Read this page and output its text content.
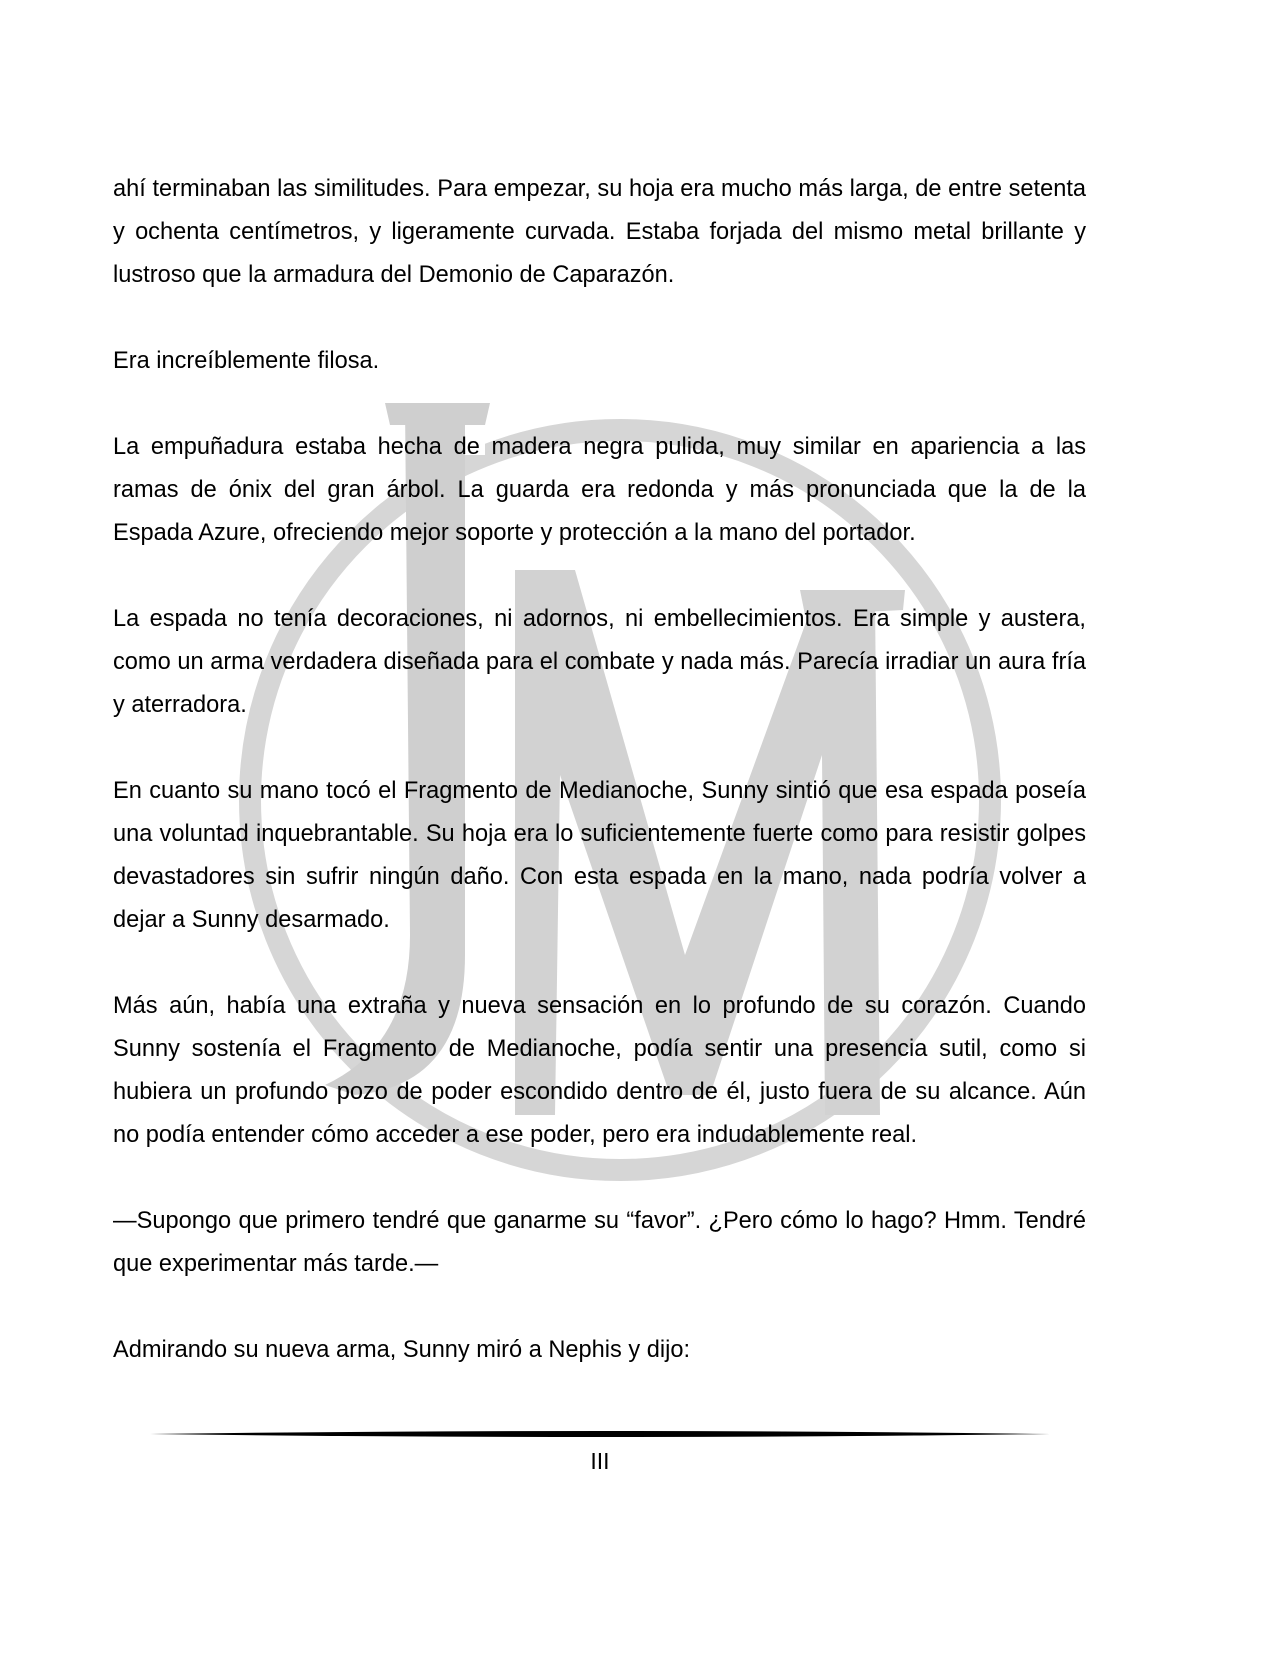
ahí terminaban las similitudes. Para empezar, su hoja era mucho más larga, de entre setenta y ochenta centímetros, y ligeramente curvada. Estaba forjada del mismo metal brillante y lustroso que la armadura del Demonio de Caparazón.

Era increíblemente filosa.

La empuñadura estaba hecha de madera negra pulida, muy similar en apariencia a las ramas de ónix del gran árbol. La guarda era redonda y más pronunciada que la de la Espada Azure, ofreciendo mejor soporte y protección a la mano del portador.

La espada no tenía decoraciones, ni adornos, ni embellecimientos. Era simple y austera, como un arma verdadera diseñada para el combate y nada más. Parecía irradiar un aura fría y aterradora.

En cuanto su mano tocó el Fragmento de Medianoche, Sunny sintió que esa espada poseía una voluntad inquebrantable. Su hoja era lo suficientemente fuerte como para resistir golpes devastadores sin sufrir ningún daño. Con esta espada en la mano, nada podría volver a dejar a Sunny desarmado.

Más aún, había una extraña y nueva sensación en lo profundo de su corazón. Cuando Sunny sostenía el Fragmento de Medianoche, podía sentir una presencia sutil, como si hubiera un profundo pozo de poder escondido dentro de él, justo fuera de su alcance. Aún no podía entender cómo acceder a ese poder, pero era indudablemente real.

—Supongo que primero tendré que ganarme su “favor”. ¿Pero cómo lo hago? Hmm. Tendré que experimentar más tarde.—

Admirando su nueva arma, Sunny miró a Nephis y dijo:

III
